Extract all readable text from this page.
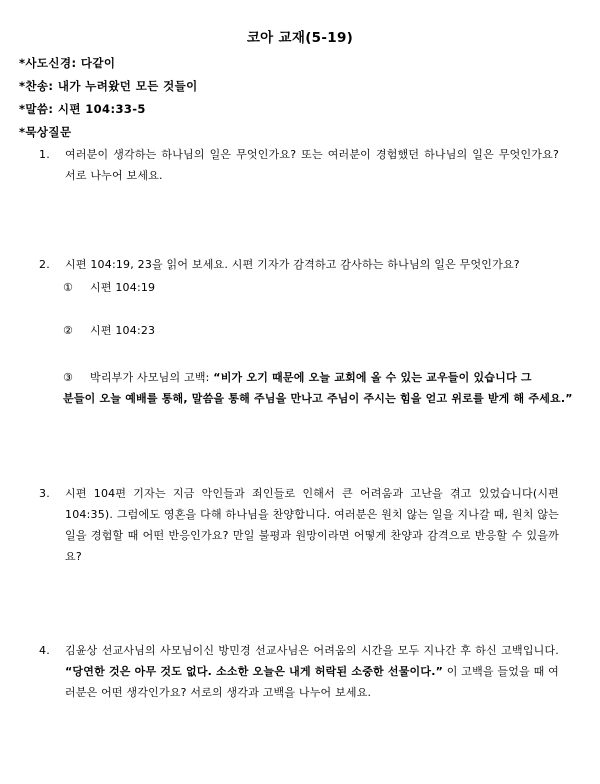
코아 교재(5-19)
*사도신경: 다같이
*찬송: 내가 누려왔던 모든 것들이
*말씀: 시편 104:33-5
*묵상질문
1. 여러분이 생각하는 하나님의 일은 무엇인가요? 또는 여러분이 경험했던 하나님의 일은 무엇인가요? 서로 나누어 보세요.
2. 시편 104:19, 23을 읽어 보세요. 시편 기자가 감격하고 감사하는 하나님의 일은 무엇인가요?
① 시편 104:19
② 시편 104:23
③ 박리부가 사모님의 고백: “비가 오기 때문에 오늘 교회에 올 수 있는 교우들이 있습니다 그
분들이 오늘 예배를 통해, 말씀을 통해 주님을 만나고 주님이 주시는 힘을 얻고 위로를 받게 해 주세요.”
3. 시편 104편 기자는 지금 악인들과 죄인들로 인해서 큰 어려움과 고난을 겪고 있었습니다(시편 104:35). 그럼에도 영혼을 다해 하나님을 찬양합니다. 여러분은 원치 않는 일을 지나갈 때, 원치 않는 일을 경험할 때 어떤 반응인가요? 만일 불평과 원망이라면 어떻게 찬양과 감격으로 반응할 수 있을까요?
4. 김윤상 선교사님의 사모님이신 방민경 선교사님은 어려움의 시간을 모두 지나간 후 하신 고백입니다. “당연한 것은 아무 것도 없다. 소소한 오늘은 내게 허락된 소중한 선물이다.” 이 고백을 들었을 때 여러분은 어떤 생각인가요? 서로의 생각과 고백을 나누어 보세요.
